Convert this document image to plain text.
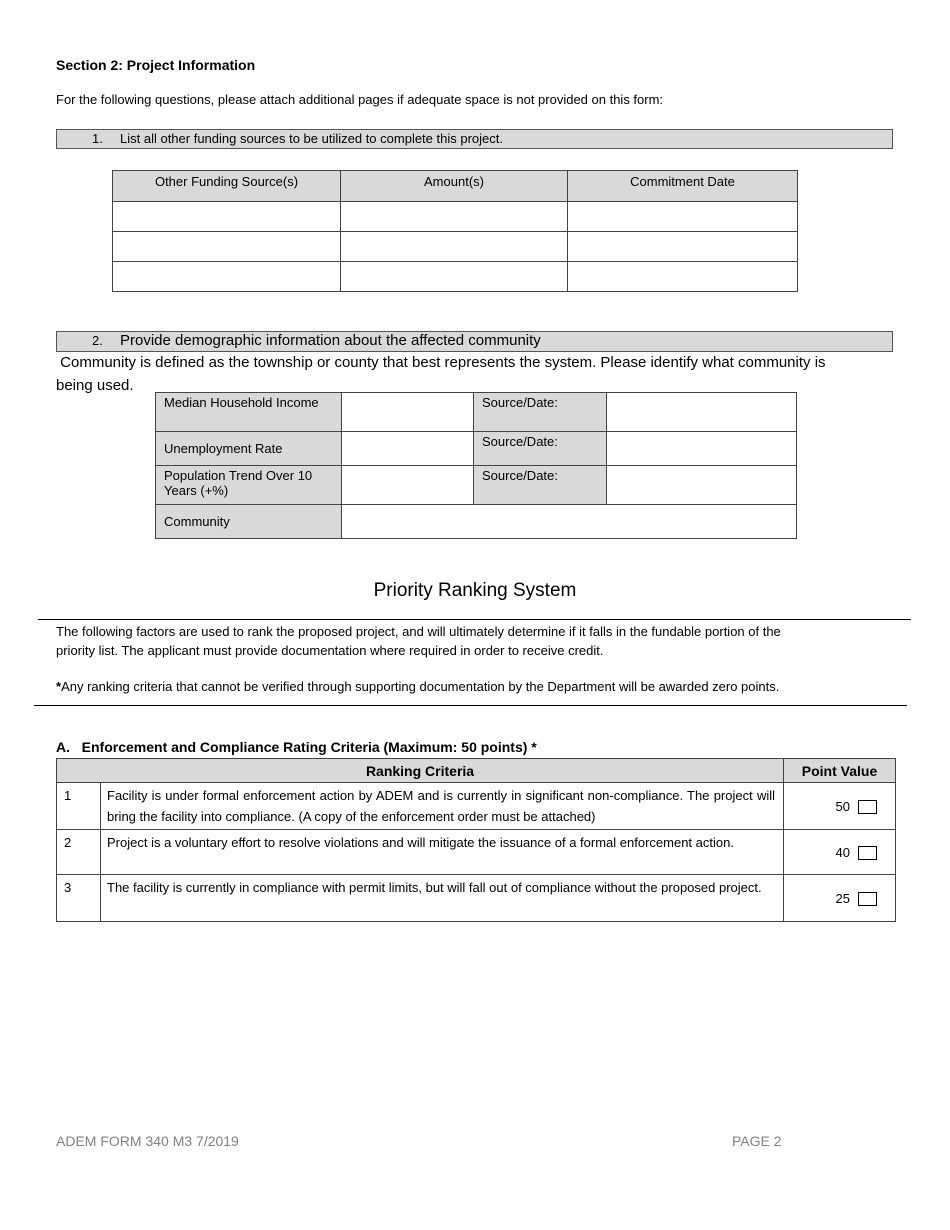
Section 2: Project Information
For the following questions, please attach additional pages if adequate space is not provided on this form:
1. List all other funding sources to be utilized to complete this project.
Other Funding Source(s)	Amount(s)	Commitment Date

2. Provide demographic information about the affected community
Community is defined as the township or county that best represents the system. Please identify what community is
being used.
Median Household Income		Source/Date:	
Unemployment Rate		Source/Date:	
Population Trend Over 10 Years (+%)		Source/Date:	
Community			
Priority Ranking System
The following factors are used to rank the proposed project, and will ultimately determine if it falls in the fundable portion of the
priority list. The applicant must provide documentation where required in order to receive credit.
*Any ranking criteria that cannot be verified through supporting documentation by the Department will be awarded zero points.
A.   Enforcement and Compliance Rating Criteria (Maximum: 50 points) *
Ranking Criteria		Point Value
1	Facility is under formal enforcement action by ADEM and is currently in significant non-compliance. The project will bring the facility into compliance. (A copy of the enforcement order must be attached)	50
2	Project is a voluntary effort to resolve violations and will mitigate the issuance of a formal enforcement action.	40
3	The facility is currently in compliance with permit limits, but will fall out of compliance without the proposed project.	25
ADEM FORM 340 M3 7/2019	PAGE 2
